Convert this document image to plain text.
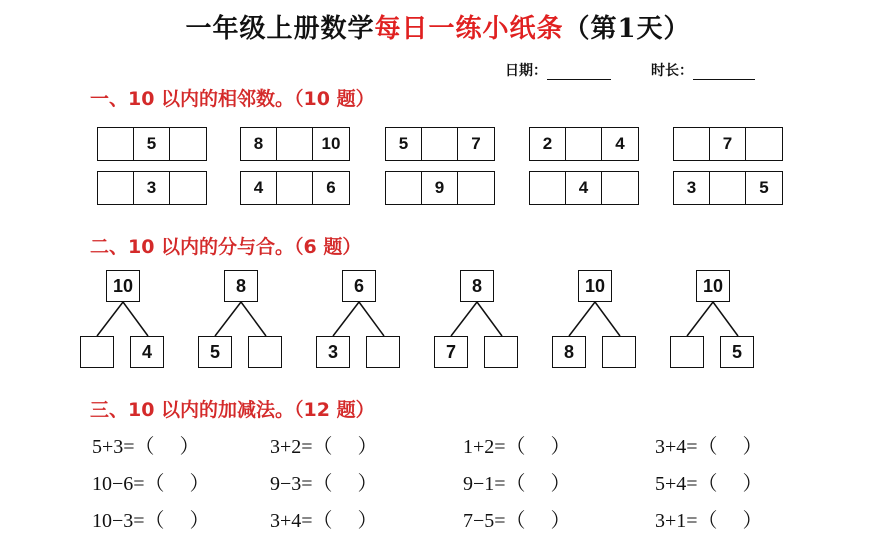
一年级上册数学每日一练小纸条（第1天）
日期：	时长：
一、10 以内的相邻数。（10 题）
5	8	10	5	7	2	4	7
3	4	6	9	4	3	5
二、10 以内的分与合。（6 题）
10
4
8
5
6
3
8
7
10
8
10
5
三、10 以内的加减法。（12 题）
5+3=（     ）	3+2=（     ）	1+2=（     ）	3+4=（     ）
10−6=（     ）	9−3=（     ）	9−1=（     ）	5+4=（     ）
10−3=（     ）	3+4=（     ）	7−5=（     ）	3+1=（     ）
